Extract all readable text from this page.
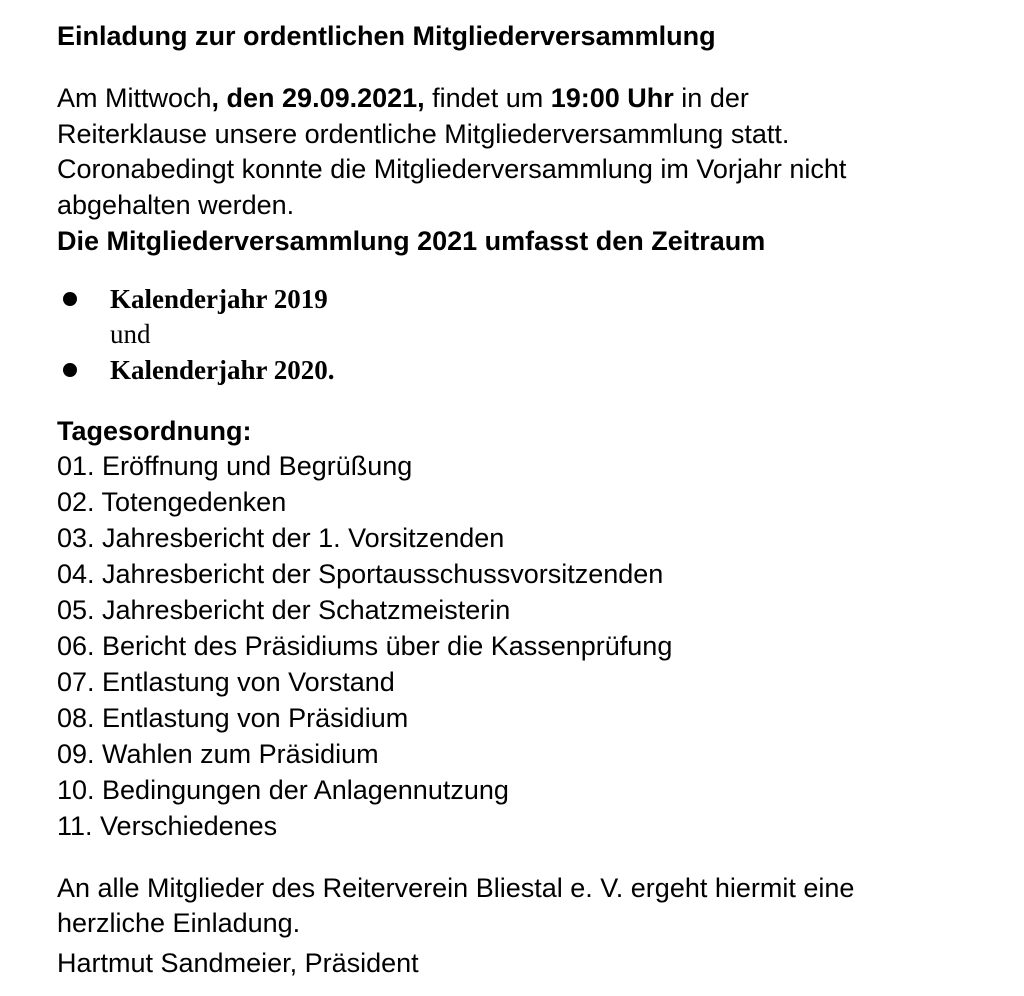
Einladung zur ordentlichen Mitgliederversammlung
Am Mittwoch, den 29.09.2021, findet um 19:00 Uhr in der
Reiterklause unsere ordentliche Mitgliederversammlung statt.
Coronabedingt konnte die Mitgliederversammlung im Vorjahr nicht
abgehalten werden.
Die Mitgliederversammlung 2021 umfasst den Zeitraum
Kalenderjahr 2019
und
Kalenderjahr 2020.
Tagesordnung:
01. Eröffnung und Begrüßung
02. Totengedenken
03. Jahresbericht der 1. Vorsitzenden
04. Jahresbericht der Sportausschussvorsitzenden
05. Jahresbericht der Schatzmeisterin
06. Bericht des Präsidiums über die Kassenprüfung
07. Entlastung von Vorstand
08. Entlastung von Präsidium
09. Wahlen zum Präsidium
10. Bedingungen der Anlagennutzung
11. Verschiedenes
An alle Mitglieder des Reiterverein Bliestal e. V. ergeht hiermit eine
herzliche Einladung.
Hartmut Sandmeier, Präsident
